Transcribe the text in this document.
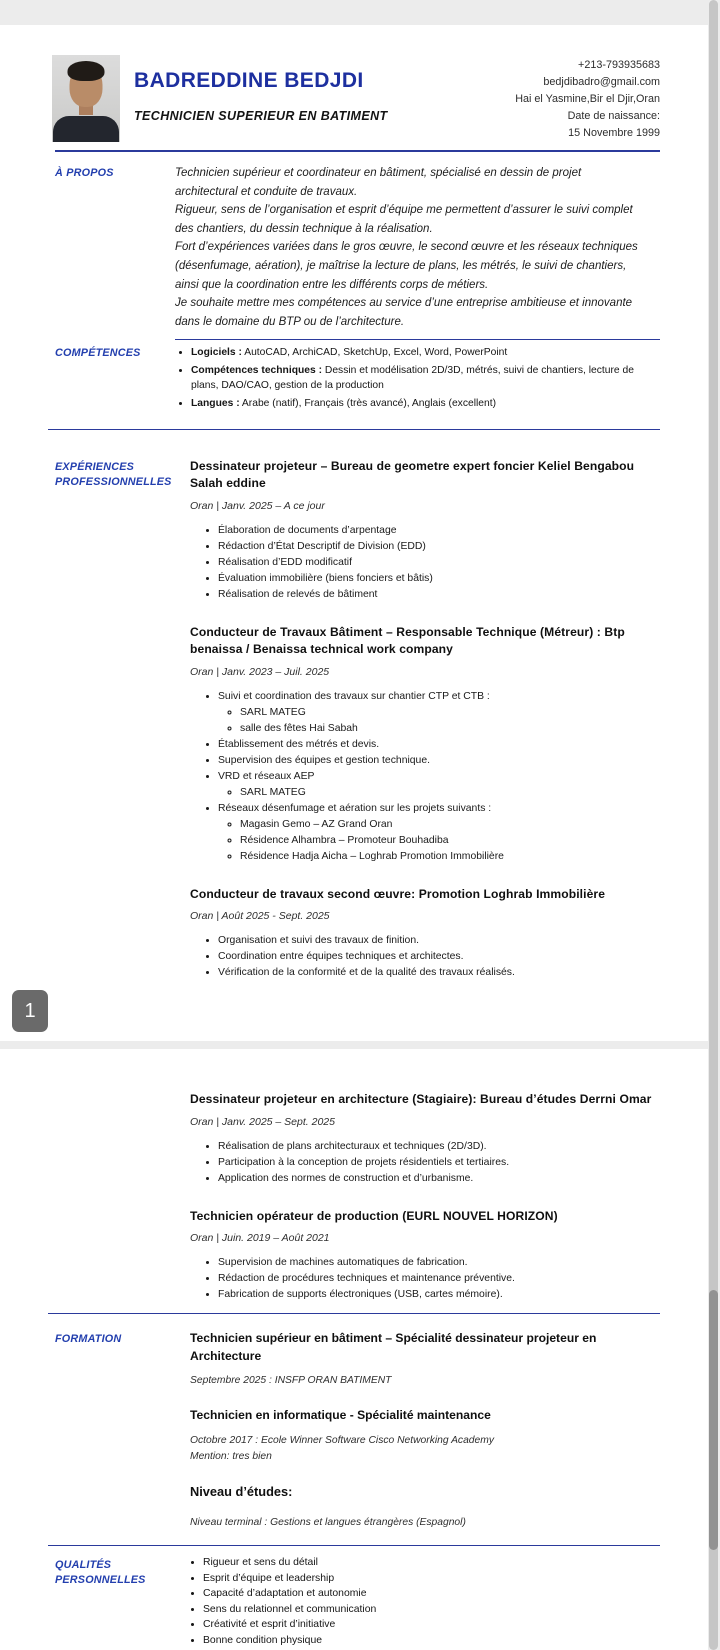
BADREDDINE BEDJDI
TECHNICIEN SUPERIEUR EN BATIMENT
+213-793935683
bedjdibadro@gmail.com
Hai el Yasmine,Bir el Djir,Oran
Date de naissance:
15 Novembre 1999
À PROPOS	Technicien supérieur et coordinateur en bâtiment, spécialisé en dessin de projet architectural et conduite de travaux.

Rigueur, sens de l’organisation et esprit d’équipe me permettent d’assurer le suivi complet des chantiers, du dessin technique à la réalisation.

Fort d’expériences variées dans le gros œuvre, le second œuvre et les réseaux techniques (désenfumage, aération), je maîtrise la lecture de plans, les métrés, le suivi de chantiers, ainsi que la coordination entre les différents corps de métiers.

Je souhaite mettre mes compétences au service d’une entreprise ambitieuse et innovante dans le domaine du BTP ou de l’architecture.

COMPÉTENCES	• Logiciels : AutoCAD, ArchiCAD, SketchUp, Excel, Word, PowerPoint
• Compétences techniques : Dessin et modélisation 2D/3D, métrés, suivi de chantiers, lecture de plans, DAO/CAO, gestion de la production
• Langues : Arabe (natif), Français (très avancé), Anglais (excellent)
EXPÉRIENCES PROFESSIONNELLES
Dessinateur projeteur – Bureau de geometre expert foncier Keliel Bengabou Salah eddine
Oran | Janv. 2025 – A ce jour
• Élaboration de documents d’arpentage
• Rédaction d’État Descriptif de Division (EDD)
• Réalisation d’EDD modificatif
• Évaluation immobilière (biens fonciers et bâtis)
• Réalisation de relevés de bâtiment
Conducteur de Travaux Bâtiment – Responsable Technique (Métreur) : Btp benaissa / Benaissa technical work company
Oran | Janv. 2023 – Juil. 2025
• Suivi et coordination des travaux sur chantier CTP et CTB :
◦ SARL MATEG
◦ salle des fêtes Hai Sabah
• Établissement des métrés et devis.
• Supervision des équipes et gestion technique.
• VRD et réseaux AEP
◦ SARL MATEG
• Réseaux désenfumage et aération sur les projets suivants :
◦ Magasin Gemo – AZ Grand Oran
◦ Résidence Alhambra – Promoteur Bouhadiba
◦ Résidence Hadja Aicha – Loghrab Promotion Immobilière
Conducteur de travaux second œuvre: Promotion Loghrab Immobilière
Oran | Août 2025 - Sept. 2025
• Organisation et suivi des travaux de finition.
• Coordination entre équipes techniques et architectes.
• Vérification de la conformité et de la qualité des travaux réalisés.
Dessinateur projeteur en architecture (Stagiaire): Bureau d’études Derrni Omar
Oran | Janv. 2025 – Sept. 2025
• Réalisation de plans architecturaux et techniques (2D/3D).
• Participation à la conception de projets résidentiels et tertiaires.
• Application des normes de construction et d’urbanisme.
Technicien opérateur de production (EURL NOUVEL HORIZON)
Oran | Juin. 2019 – Août 2021
• Supervision de machines automatiques de fabrication.
• Rédaction de procédures techniques et maintenance préventive.
• Fabrication de supports électroniques (USB, cartes mémoire).
FORMATION	Technicien supérieur en bâtiment – Spécialité dessinateur projeteur en Architecture
Septembre 2025 : INSFP ORAN BATIMENT
Technicien en informatique - Spécialité maintenance
Octobre 2017 : Ecole Winner Software Cisco Networking Academy
Mention: tres bien
Niveau d’études:
Niveau terminal : Gestions et langues étrangères (Espagnol)
QUALITÉS PERSONNELLES
• Rigueur et sens du détail
• Esprit d’équipe et leadership
• Capacité d’adaptation et autonomie
• Sens du relationnel et communication
• Créativité et esprit d’initiative
• Bonne condition physique
1
